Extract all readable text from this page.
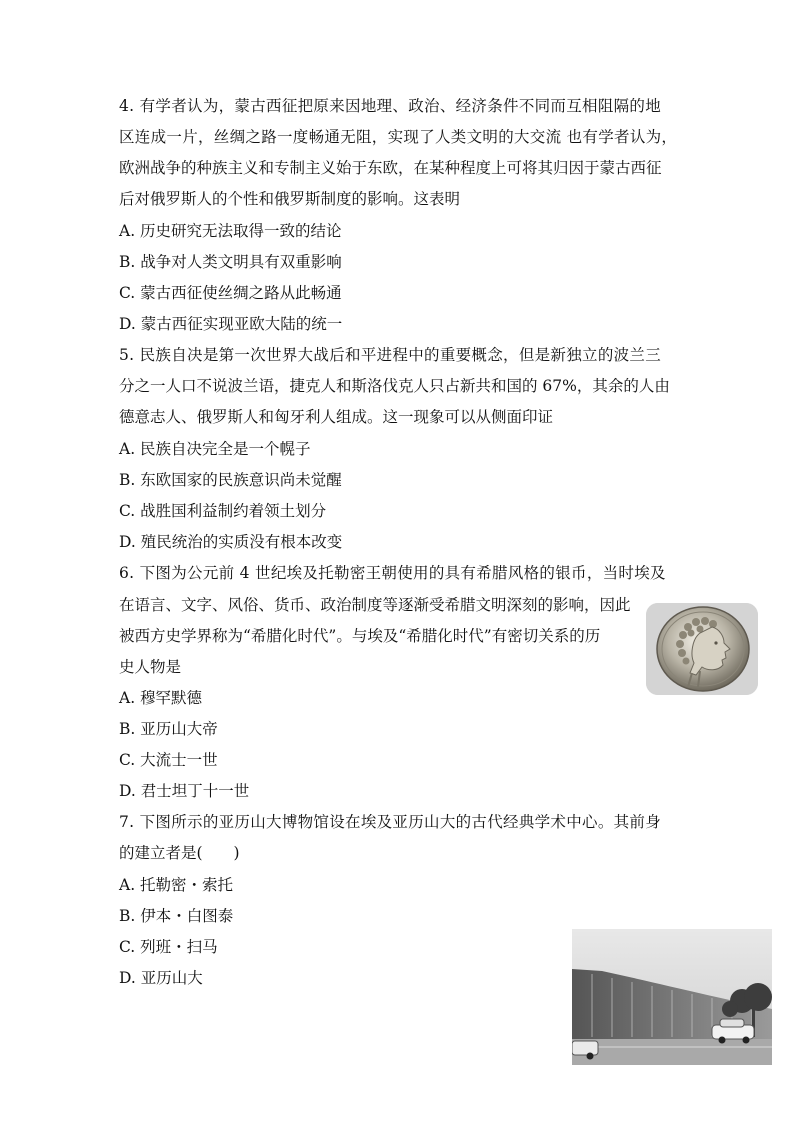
4. 有学者认为，蒙古西征把原来因地理、政治、经济条件不同而互相阻隔的地
区连成一片，丝绸之路一度畅通无阻，实现了人类文明的大交流 也有学者认为，
欧洲战争的种族主义和专制主义始于东欧，在某种程度上可将其归因于蒙古西征
后对俄罗斯人的个性和俄罗斯制度的影响。这表明
A. 历史研究无法取得一致的结论
B. 战争对人类文明具有双重影响
C. 蒙古西征使丝绸之路从此畅通
D. 蒙古西征实现亚欧大陆的统一
5. 民族自决是第一次世界大战后和平进程中的重要概念，但是新独立的波兰三
分之一人口不说波兰语，捷克人和斯洛伐克人只占新共和国的 67%，其余的人由
德意志人、俄罗斯人和匈牙利人组成。这一现象可以从侧面印证
A. 民族自决完全是一个幌子
B. 东欧国家的民族意识尚未觉醒
C. 战胜国利益制约着领土划分
D. 殖民统治的实质没有根本改变
6. 下图为公元前 4 世纪埃及托勒密王朝使用的具有希腊风格的银币，当时埃及
在语言、文字、风俗、货币、政治制度等逐渐受希腊文明深刻的影响，因此
被西方史学界称为“希腊化时代”。与埃及“希腊化时代”有密切关系的历
史人物是
A. 穆罕默德
B. 亚历山大帝
C. 大流士一世
D. 君士坦丁十一世
7. 下图所示的亚历山大博物馆设在埃及亚历山大的古代经典学术中心。其前身
的建立者是(　　)
A. 托勒密・索托
B. 伊本・白图泰
C. 列班・扫马
D. 亚历山大
